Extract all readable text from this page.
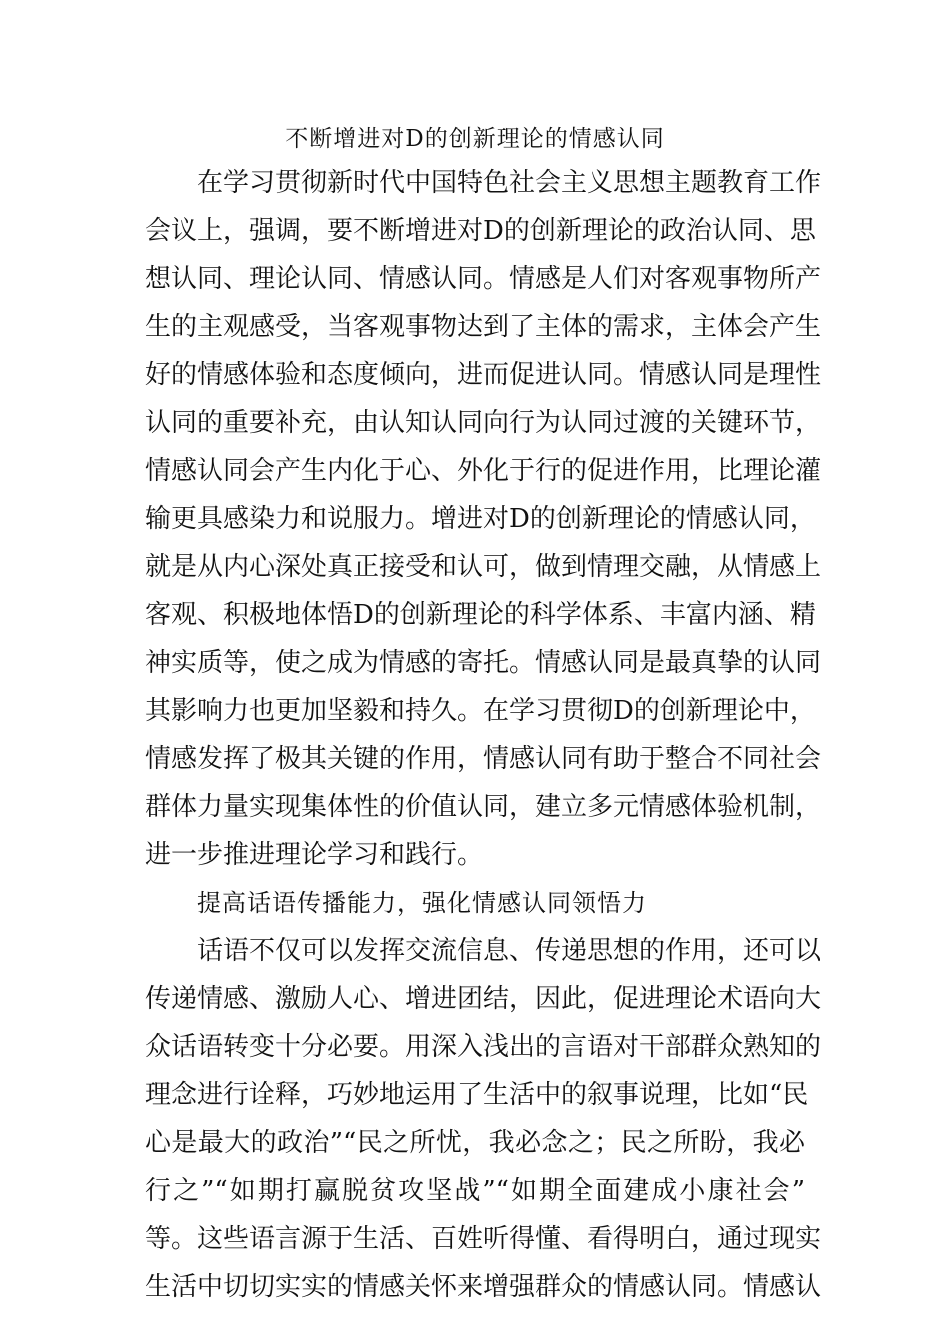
不断增进对D的创新理论的情感认同
在学习贯彻新时代中国特色社会主义思想主题教育工作
会议上，强调，要不断增进对D的创新理论的政治认同、思
想认同、理论认同、情感认同。情感是人们对客观事物所产
生的主观感受，当客观事物达到了主体的需求，主体会产生
好的情感体验和态度倾向，进而促进认同。情感认同是理性
认同的重要补充，由认知认同向行为认同过渡的关键环节，
情感认同会产生内化于心、外化于行的促进作用，比理论灌
输更具感染力和说服力。增进对D的创新理论的情感认同，
就是从内心深处真正接受和认可，做到情理交融，从情感上
客观、积极地体悟D的创新理论的科学体系、丰富内涵、精
神实质等，使之成为情感的寄托。情感认同是最真挚的认同
其影响力也更加坚毅和持久。在学习贯彻D的创新理论中，
情感发挥了极其关键的作用，情感认同有助于整合不同社会
群体力量实现集体性的价值认同，建立多元情感体验机制，
进一步推进理论学习和践行。
提高话语传播能力，强化情感认同领悟力
话语不仅可以发挥交流信息、传递思想的作用，还可以
传递情感、激励人心、增进团结，因此，促进理论术语向大
众话语转变十分必要。用深入浅出的言语对干部群众熟知的
理念进行诠释，巧妙地运用了生活中的叙事说理，比如“民
心是最大的政治”“民之所忧，我必念之；民之所盼，我必
行之”“如期打赢脱贫攻坚战”“如期全面建成小康社会”
等。这些语言源于生活、百姓听得懂、看得明白，通过现实
生活中切切实实的情感关怀来增强群众的情感认同。情感认
